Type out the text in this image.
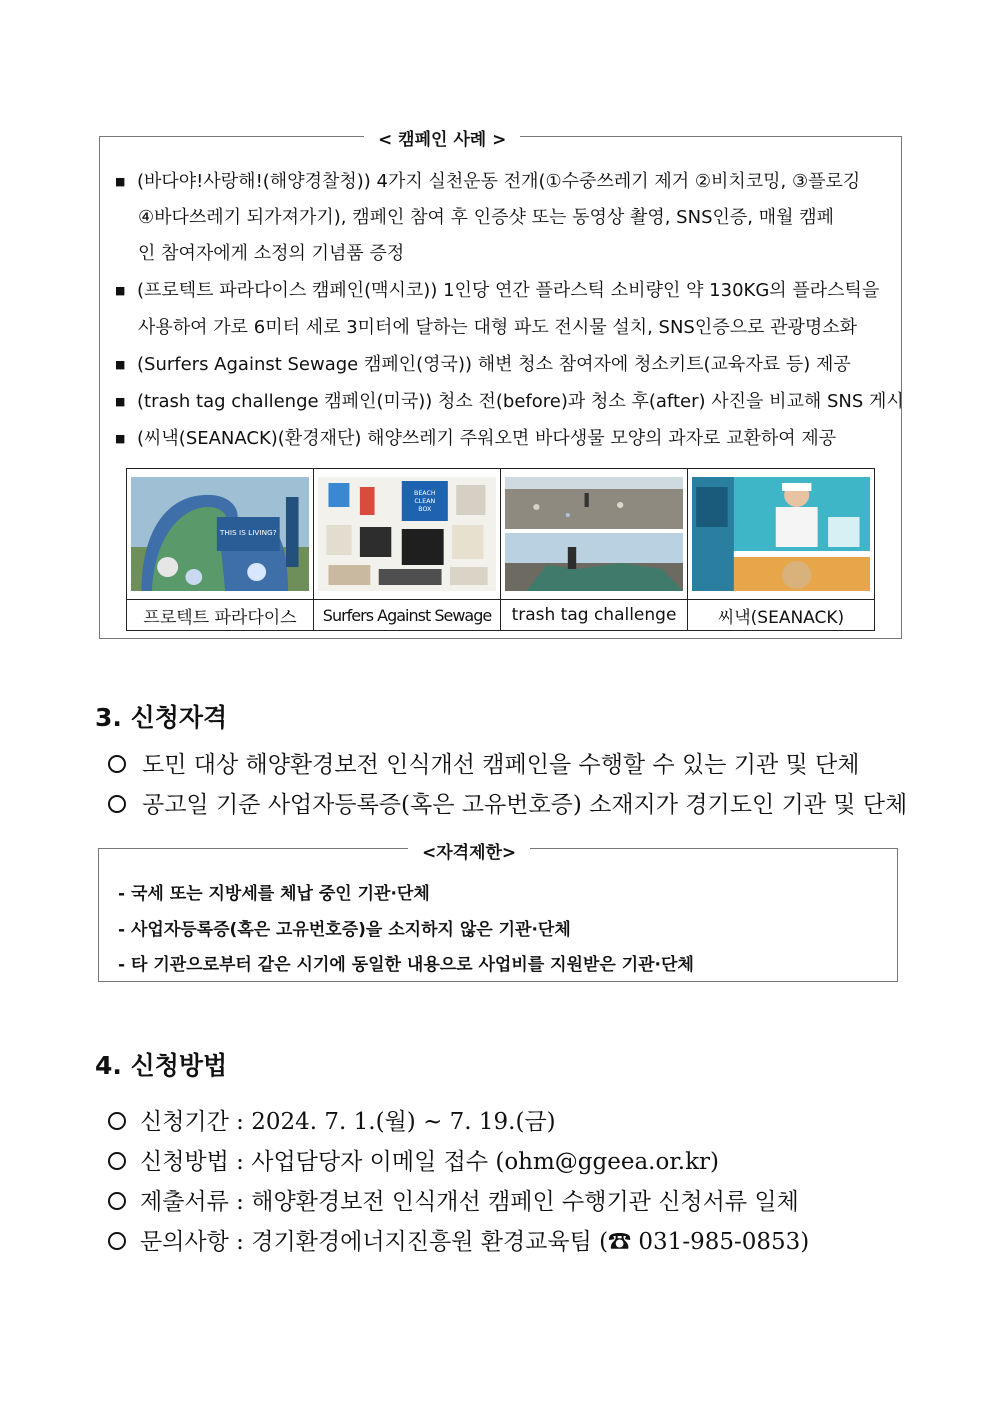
< 캠페인 사례 >
■ (바다야!사랑해!(해양경찰청)) 4가지 실천운동 전개(①수중쓰레기 제거 ②비치코밍, ③플로깅
④바다쓰레기 되가져가기), 캠페인 참여 후 인증샷 또는 동영상 촬영, SNS인증, 매월 캠페
인 참여자에게 소정의 기념품 증정
■ (프로텍트 파라다이스 캠페인(맥시코)) 1인당 연간 플라스틱 소비량인 약 130KG의 플라스틱을
사용하여 가로 6미터 세로 3미터에 달하는 대형 파도 전시물 설치, SNS인증으로 관광명소화
■ (Surfers Against Sewage 캠페인(영국)) 해변 청소 참여자에 청소키트(교육자료 등) 제공
■ (trash tag challenge 캠페인(미국)) 청소 전(before)과 청소 후(after) 사진을 비교해 SNS 게시
■ (씨낵(SEANACK)(환경재단) 해양쓰레기 주워오면 바다생물 모양의 과자로 교환하여 제공
THIS IS LIVING?	BEACH
CLEAN
BOX

프로텍트 파라다이스	Surfers Against Sewage	trash tag challenge	씨낵(SEANACK)
3. 신청자격
도민 대상 해양환경보전 인식개선 캠페인을 수행할 수 있는 기관 및 단체
공고일 기준 사업자등록증(혹은 고유번호증) 소재지가 경기도인 기관 및 단체
<자격제한>
- 국세 또는 지방세를 체납 중인 기관·단체
- 사업자등록증(혹은 고유번호증)을 소지하지 않은 기관·단체
- 타 기관으로부터 같은 시기에 동일한 내용으로 사업비를 지원받은 기관·단체
4. 신청방법
신청기간 : 2024. 7. 1.(월) ~ 7. 19.(금)
신청방법 : 사업담당자 이메일 접수 (ohm@ggeea.or.kr)
제출서류 : 해양환경보전 인식개선 캠페인 수행기관 신청서류 일체
문의사항 : 경기환경에너지진흥원 환경교육팀 (☎ 031-985-0853)
